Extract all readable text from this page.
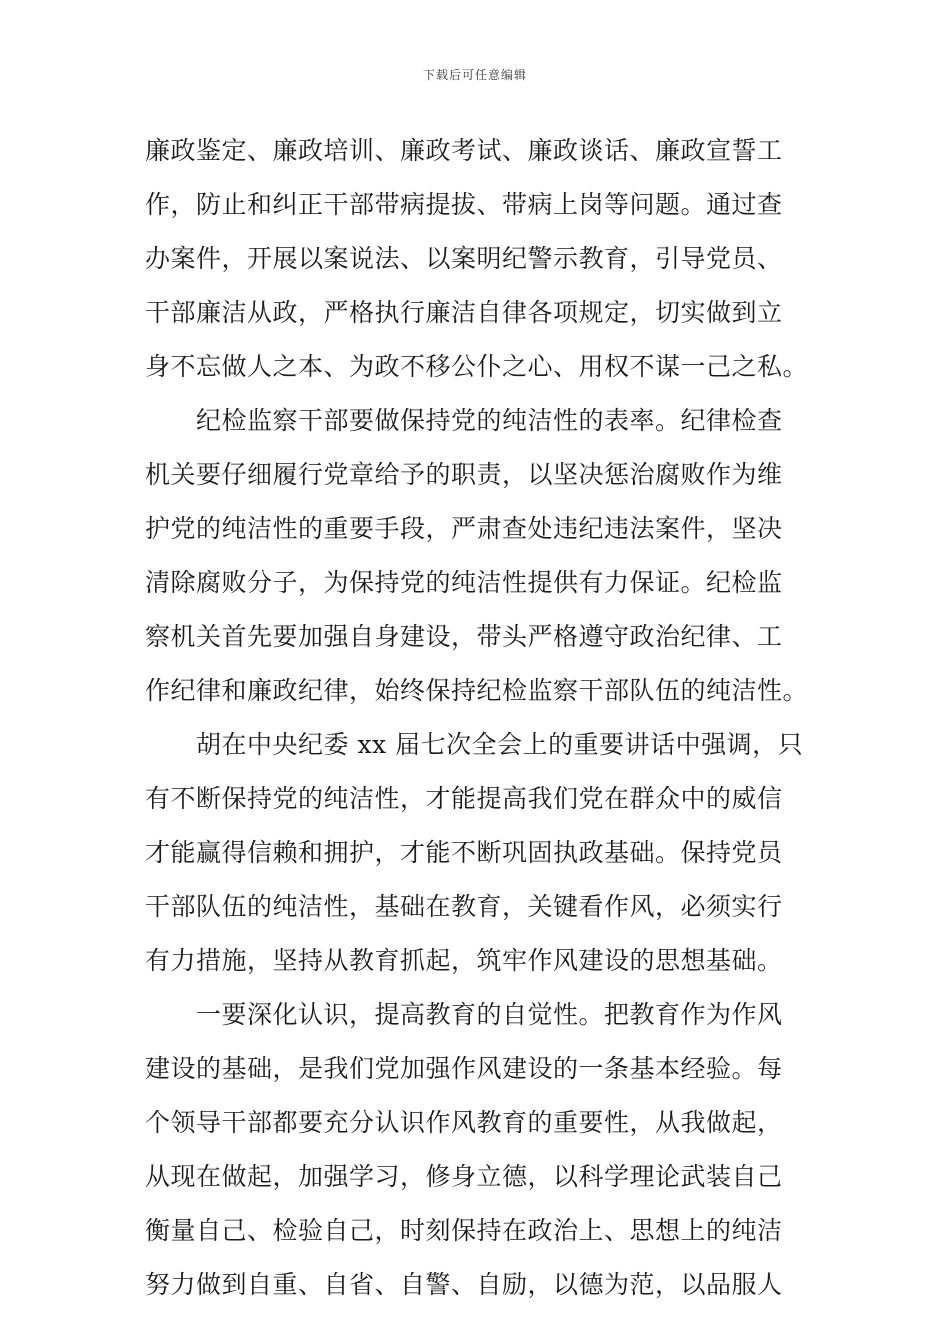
下载后可任意编辑
廉政鉴定、廉政培训、廉政考试、廉政谈话、廉政宣誓工
作，防止和纠正干部带病提拔、带病上岗等问题。通过查
办案件，开展以案说法、以案明纪警示教育，引导党员、
干部廉洁从政，严格执行廉洁自律各项规定，切实做到立
身不忘做人之本、为政不移公仆之心、用权不谋一己之私。
　　纪检监察干部要做保持党的纯洁性的表率。纪律检查
机关要仔细履行党章给予的职责，以坚决惩治腐败作为维
护党的纯洁性的重要手段，严肃查处违纪违法案件，坚决
清除腐败分子，为保持党的纯洁性提供有力保证。纪检监
察机关首先要加强自身建设，带头严格遵守政治纪律、工
作纪律和廉政纪律，始终保持纪检监察干部队伍的纯洁性。
　　胡在中央纪委 xx 届七次全会上的重要讲话中强调，只
有不断保持党的纯洁性，才能提高我们党在群众中的威信
才能赢得信赖和拥护，才能不断巩固执政基础。保持党员
干部队伍的纯洁性，基础在教育，关键看作风，必须实行
有力措施，坚持从教育抓起，筑牢作风建设的思想基础。
　　一要深化认识，提高教育的自觉性。把教育作为作风
建设的基础，是我们党加强作风建设的一条基本经验。每
个领导干部都要充分认识作风教育的重要性，从我做起，
从现在做起，加强学习，修身立德，以科学理论武装自己
衡量自己、检验自己，时刻保持在政治上、思想上的纯洁
努力做到自重、自省、自警、自励，以德为范，以品服人
